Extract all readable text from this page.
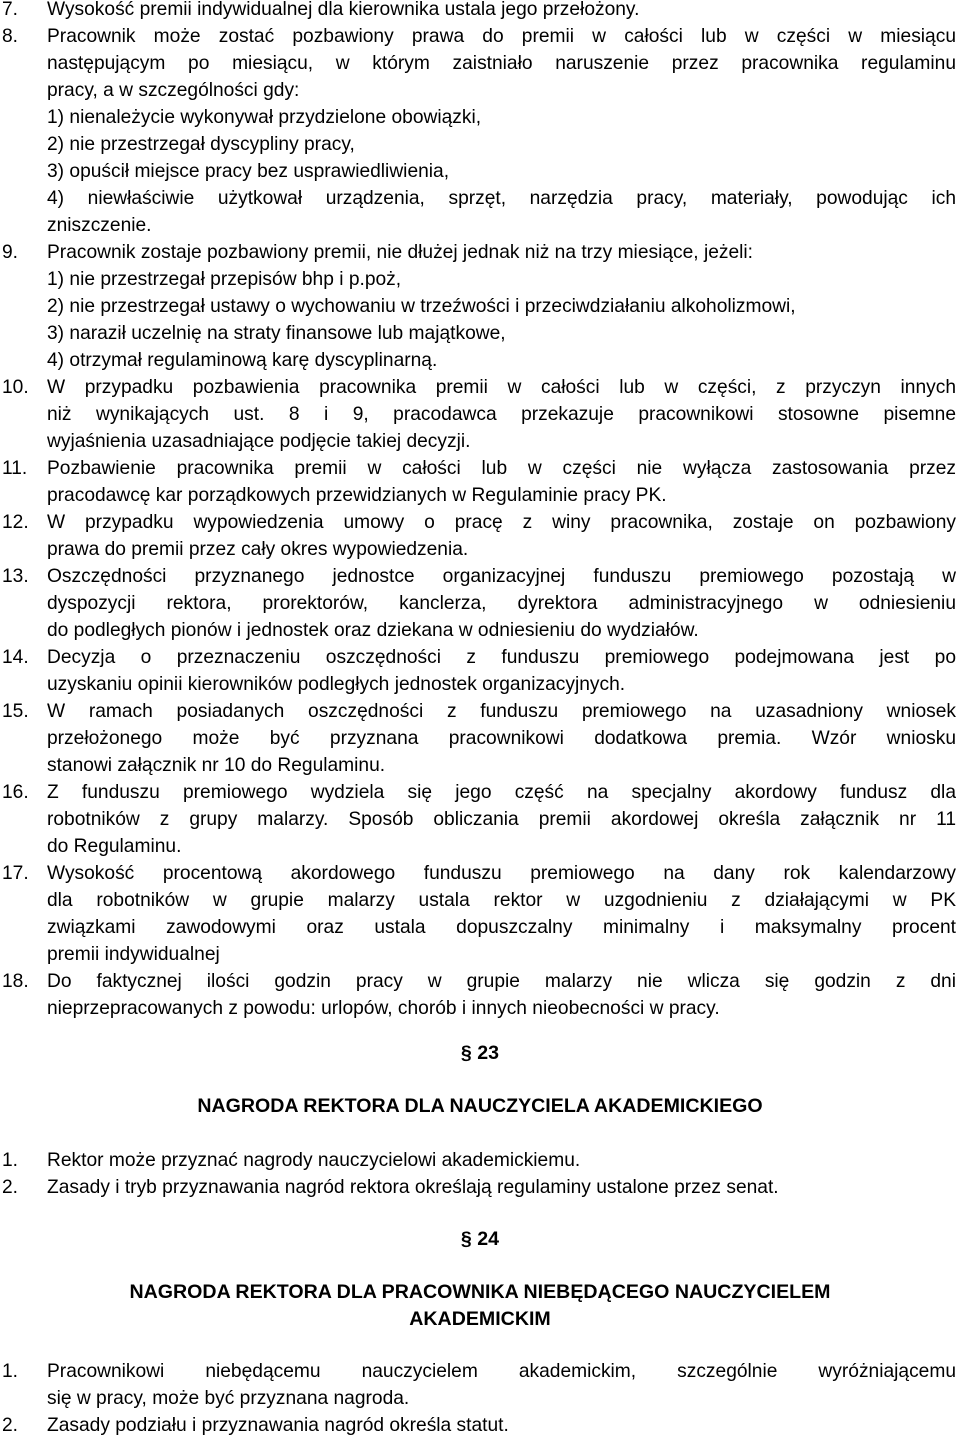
7. Wysokość premii indywidualnej dla kierownika ustala jego przełożony.
8. Pracownik może zostać pozbawiony prawa do premii w całości lub w części w miesiącu
następującym po miesiącu, w którym zaistniało naruszenie przez pracownika regulaminu
pracy, a w szczególności gdy:
1) nienależycie wykonywał przydzielone obowiązki,
2) nie przestrzegał dyscypliny pracy,
3) opuścił miejsce pracy bez usprawiedliwienia,
4) niewłaściwie użytkował urządzenia, sprzęt, narzędzia pracy, materiały, powodując ich
zniszczenie.
9. Pracownik zostaje pozbawiony premii, nie dłużej jednak niż na trzy miesiące, jeżeli:
1) nie przestrzegał przepisów bhp i p.poż,
2) nie przestrzegał ustawy o wychowaniu w trzeźwości i przeciwdziałaniu alkoholizmowi,
3) naraził uczelnię na straty finansowe lub majątkowe,
4) otrzymał regulaminową karę dyscyplinarną.
10. W przypadku pozbawienia pracownika premii w całości lub w części, z przyczyn innych
niż wynikających ust. 8 i 9, pracodawca przekazuje pracownikowi stosowne pisemne
wyjaśnienia uzasadniające podjęcie takiej decyzji.
11. Pozbawienie pracownika premii w całości lub w części nie wyłącza zastosowania przez
pracodawcę kar porządkowych przewidzianych w Regulaminie pracy PK.
12. W przypadku wypowiedzenia umowy o pracę z winy pracownika, zostaje on pozbawiony
prawa do premii przez cały okres wypowiedzenia.
13. Oszczędności przyznanego jednostce organizacyjnej funduszu premiowego pozostają w
dyspozycji rektora, prorektorów, kanclerza, dyrektora administracyjnego w odniesieniu
do podległych pionów i jednostek oraz dziekana w odniesieniu do wydziałów.
14. Decyzja o przeznaczeniu oszczędności z funduszu premiowego podejmowana jest po
uzyskaniu opinii kierowników podległych jednostek organizacyjnych.
15. W ramach posiadanych oszczędności z funduszu premiowego na uzasadniony wniosek
przełożonego może być przyznana pracownikowi dodatkowa premia. Wzór wniosku
stanowi załącznik nr 10 do Regulaminu.
16. Z funduszu premiowego wydziela się jego część na specjalny akordowy fundusz dla
robotników z grupy malarzy. Sposób obliczania premii akordowej określa załącznik nr 11
do Regulaminu.
17. Wysokość procentową akordowego funduszu premiowego na dany rok kalendarzowy
dla robotników w grupie malarzy ustala rektor w uzgodnieniu z działającymi w PK
związkami zawodowymi oraz ustala dopuszczalny minimalny i maksymalny procent
premii indywidualnej
18. Do faktycznej ilości godzin pracy w grupie malarzy nie wlicza się godzin z dni
nieprzepracowanych z powodu: urlopów, chorób i innych nieobecności w pracy.
1. Rektor może przyznać nagrody nauczycielowi akademickiemu.
2. Zasady i tryb przyznawania nagród rektora określają regulaminy ustalone przez senat.
1. Pracownikowi niebędącemu nauczycielem akademickim, szczególnie wyróżniającemu
się w pracy, może być przyznana nagroda.
2. Zasady podziału i przyznawania nagród określa statut.
§ 23
NAGRODA REKTORA DLA NAUCZYCIELA AKADEMICKIEGO
§ 24
NAGRODA REKTORA DLA PRACOWNIKA NIEBĘDĄCEGO NAUCZYCIELEM
AKADEMICKIM
